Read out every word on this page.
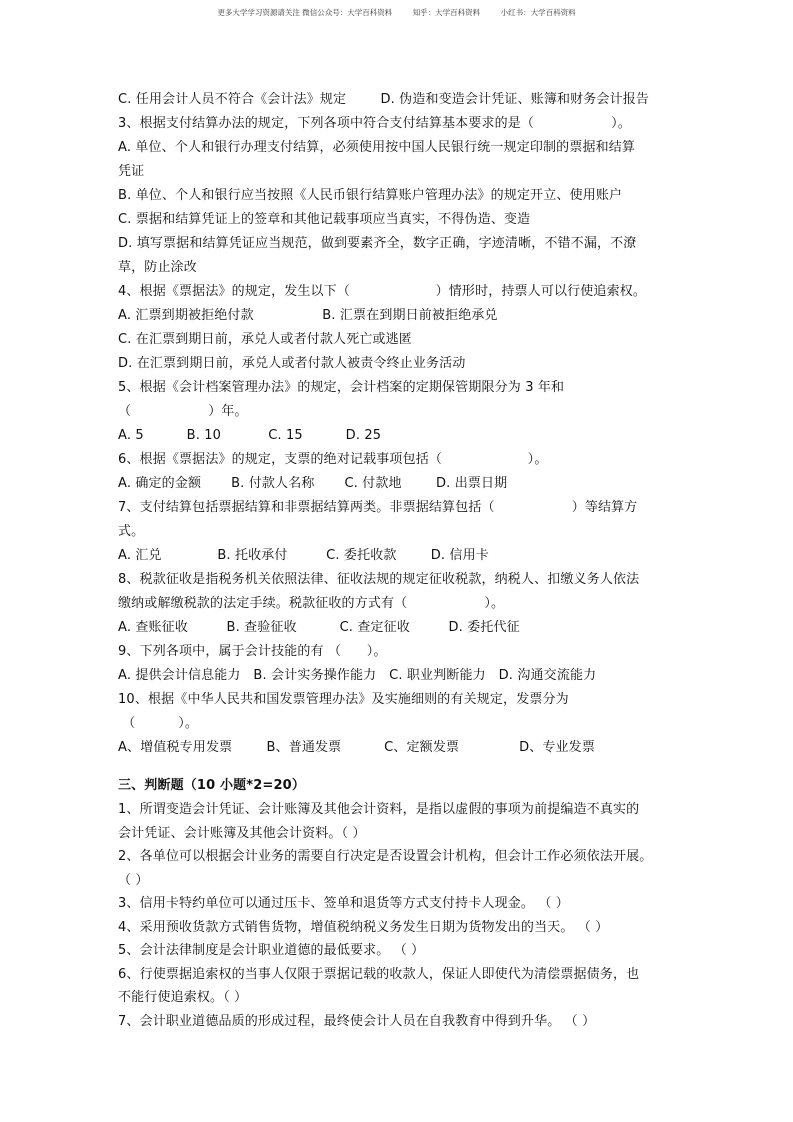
更多大学学习资源请关注 微信公众号：大学百科资料	知乎：大学百科资料	小红书：大学百科资料
C. 任用会计人员不符合《会计法》规定        D. 伪造和变造会计凭证、账簿和财务会计报告
3、根据支付结算办法的规定，下列各项中符合支付结算基本要求的是（                  ）。
A. 单位、个人和银行办理支付结算，必须使用按中国人民银行统一规定印制的票据和结算
凭证
B. 单位、个人和银行应当按照《人民币银行结算账户管理办法》的规定开立、使用账户
C. 票据和结算凭证上的签章和其他记载事项应当真实，不得伪造、变造
D. 填写票据和结算凭证应当规范，做到要素齐全，数字正确，字迹清晰，不错不漏，不潦
草，防止涂改
4、根据《票据法》的规定，发生以下（                    ）情形时，持票人可以行使追索权。
A. 汇票到期被拒绝付款                B. 汇票在到期日前被拒绝承兑
C. 在汇票到期日前，承兑人或者付款人死亡或逃匿
D. 在汇票到期日前，承兑人或者付款人被责令终止业务活动
5、根据《会计档案管理办法》的规定，会计档案的定期保管期限分为 3 年和
（                  ）年。
A. 5          B. 10           C. 15          D. 25
6、根据《票据法》的规定，支票的绝对记载事项包括（                    ）。
A. 确定的金额       B. 付款人名称       C. 付款地        D. 出票日期
7、支付结算包括票据结算和非票据结算两类。非票据结算包括（                  ）等结算方
式。
A. 汇兑             B. 托收承付         C. 委托收款        D. 信用卡
8、税款征收是指税务机关依照法律、征收法规的规定征收税款，纳税人、扣缴义务人依法
缴纳或解缴税款的法定手续。税款征收的方式有（                  ）。
A. 查账征收         B. 查验征收          C. 查定征收         D. 委托代征
9、下列各项中，属于会计技能的有 （      ）。
A. 提供会计信息能力   B. 会计实务操作能力   C. 职业判断能力   D. 沟通交流能力
10、根据《中华人民共和国发票管理办法》及实施细则的有关规定，发票分为
（          ）。
A、增值税专用发票        B、普通发票          C、定额发票              D、专业发票
三、判断题（10 小题*2=20）
1、所谓变造会计凭证、会计账簿及其他会计资料，是指以虚假的事项为前提编造不真实的
会计凭证、会计账簿及其他会计资料。（ ）
2、各单位可以根据会计业务的需要自行决定是否设置会计机构，但会计工作必须依法开展。
（ ）
3、信用卡特约单位可以通过压卡、签单和退货等方式支付持卡人现金。 （ ）
4、采用预收货款方式销售货物，增值税纳税义务发生日期为货物发出的当天。 （ ）
5、会计法律制度是会计职业道德的最低要求。 （ ）
6、行使票据追索权的当事人仅限于票据记载的收款人，保证人即使代为清偿票据债务，也
不能行使追索权。（ ）
7、会计职业道德品质的形成过程，最终使会计人员在自我教育中得到升华。 （ ）
